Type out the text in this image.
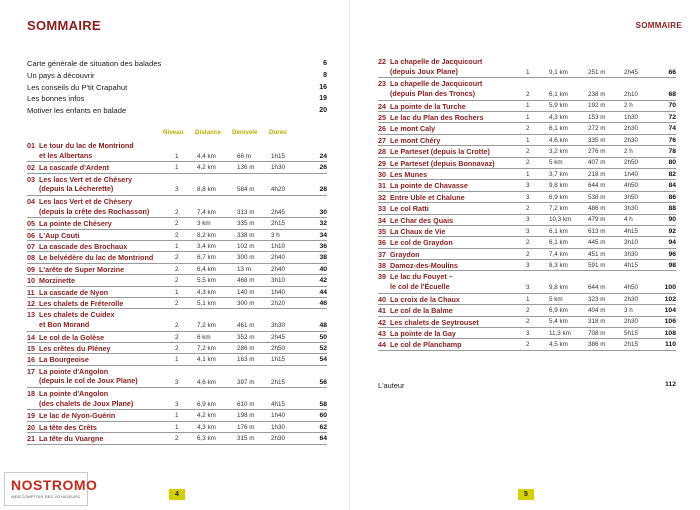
SOMMAIRE
Carte générale de situation des balades	6
Un pays à découvrir	8
Les conseils du P'tit Crapahut	16
Les bonnes infos	19
Motiver les enfants en balade	20
Niveau Distance Dénivelé Durée
01 Le tour du lac de Montriond
et les Albertans	1	4,4 km	66 m	1h15	24
02 La cascade d'Ardent	1	4,2 km	136 m	1h30	26
03 Les lacs Vert et de Chésery
(depuis la Lécherette)	3	8,8 km	584 m	4h20	28
04 Les lacs Vert et de Chésery
(depuis la crête des Rochasson)	2	7,4 km	313 m	2h45	30
05 La pointe de Chésery	2	3 km	335 m	2h15	32
06 L'Aup Couti	2	8,2 km	338 m	3 h	34
07 La cascade des Brochaux	1	3,4 km	102 m	1h10	36
08 Le belvédère du lac de Montriond	2	6,7 km	300 m	2h40	38
09 L'arête de Super Morzine	2	6,4 km	13 m	2h40	40
10 Morzinette	2	5,5 km	468 m	3h10	42
11 La cascade de Nyon	1	4,3 km	140 m	1h40	44
12 Les chalets de Fréterolle	2	5,1 km	300 m	2h20	46
13 Les chalets de Cuidex
et Bon Morand	2	7,2 km	461 m	3h30	48
14 Le col de la Golèse	2	6 km	352 m	2h45	50
15 Les crêtes du Pléney	2	7,2 km	286 m	2h50	52
16 La Bourgeoise	1	4,1 km	163 m	1h15	54
17 La pointe d'Angolon
(depuis le col de Joux Plane)	3	4,6 km	397 m	2h15	56
18 La pointe d'Angolon
(des chalets de Joux Plane)	3	6,9 km	610 m	4h15	58
19 Le lac de Nyon-Guérin	1	4,2 km	198 m	1h40	60
20 La tête des Crêts	1	4,3 km	176 m	1h30	62
21 La tête du Vuargne	2	6,3 km	315 m	2h30	64
4
NOSTROMO
WEB COMPTOIR DES VOYAGEURS
SOMMAIRE
5
22 La chapelle de Jacquicourt
(depuis Joux Plane)	1	9,1 km	251 m	2h45	66
23 La chapelle de Jacquicourt
(depuis Plan des Troncs)	2	6,1 km	238 m	2h10	68
24 La pointe de la Turche	1	5,9 km	192 m	2 h	70
25 Le lac du Plan des Rochers	1	4,3 km	153 m	1h30	72
26 Le mont Caly	2	6,1 km	272 m	2h30	74
27 Le mont Chéry	1	4,6 km	335 m	2h30	76
28 Le Parteset (depuis la Crotte)	2	3,2 km	276 m	2 h	78
29 Le Parteset (depuis Bonnavaz)	2	5 km	407 m	2h50	80
30 Les Munes	1	3,7 km	218 m	1h40	82
31 La pointe de Chavasse	3	9,8 km	644 m	4h50	84
32 Entre Uble et Chalune	3	6,9 km	538 m	3h50	86
33 Le col Ratti	2	7,2 km	486 m	3h30	88
34 Le Char des Quais	3	10,3 km	479 m	4 h	90
35 La Chaux de Vie	3	6,1 km	613 m	4h15	92
36 Le col de Graydon	2	6,1 km	445 m	3h10	94
37 Graydon	2	7,4 km	451 m	3h30	96
38 Damoz-des-Moulins	3	8,3 km	591 m	4h15	98
39 Le lac du Fouyet –
le col de l'Écuelle	3	9,8 km	644 m	4h50	100
40 La croix de la Chaux	1	5 km	323 m	2h30	102
41 Le col de la Balme	2	6,9 km	404 m	3 h	104
42 Les chalets de Seytrouset	2	5,4 km	318 m	2h30	106
43 La pointe de la Gay	3	11,3 km	708 m	5h15	108
44 Le col de Planchamp	2	4,5 km	386 m	2h15	110
L'auteur	112
